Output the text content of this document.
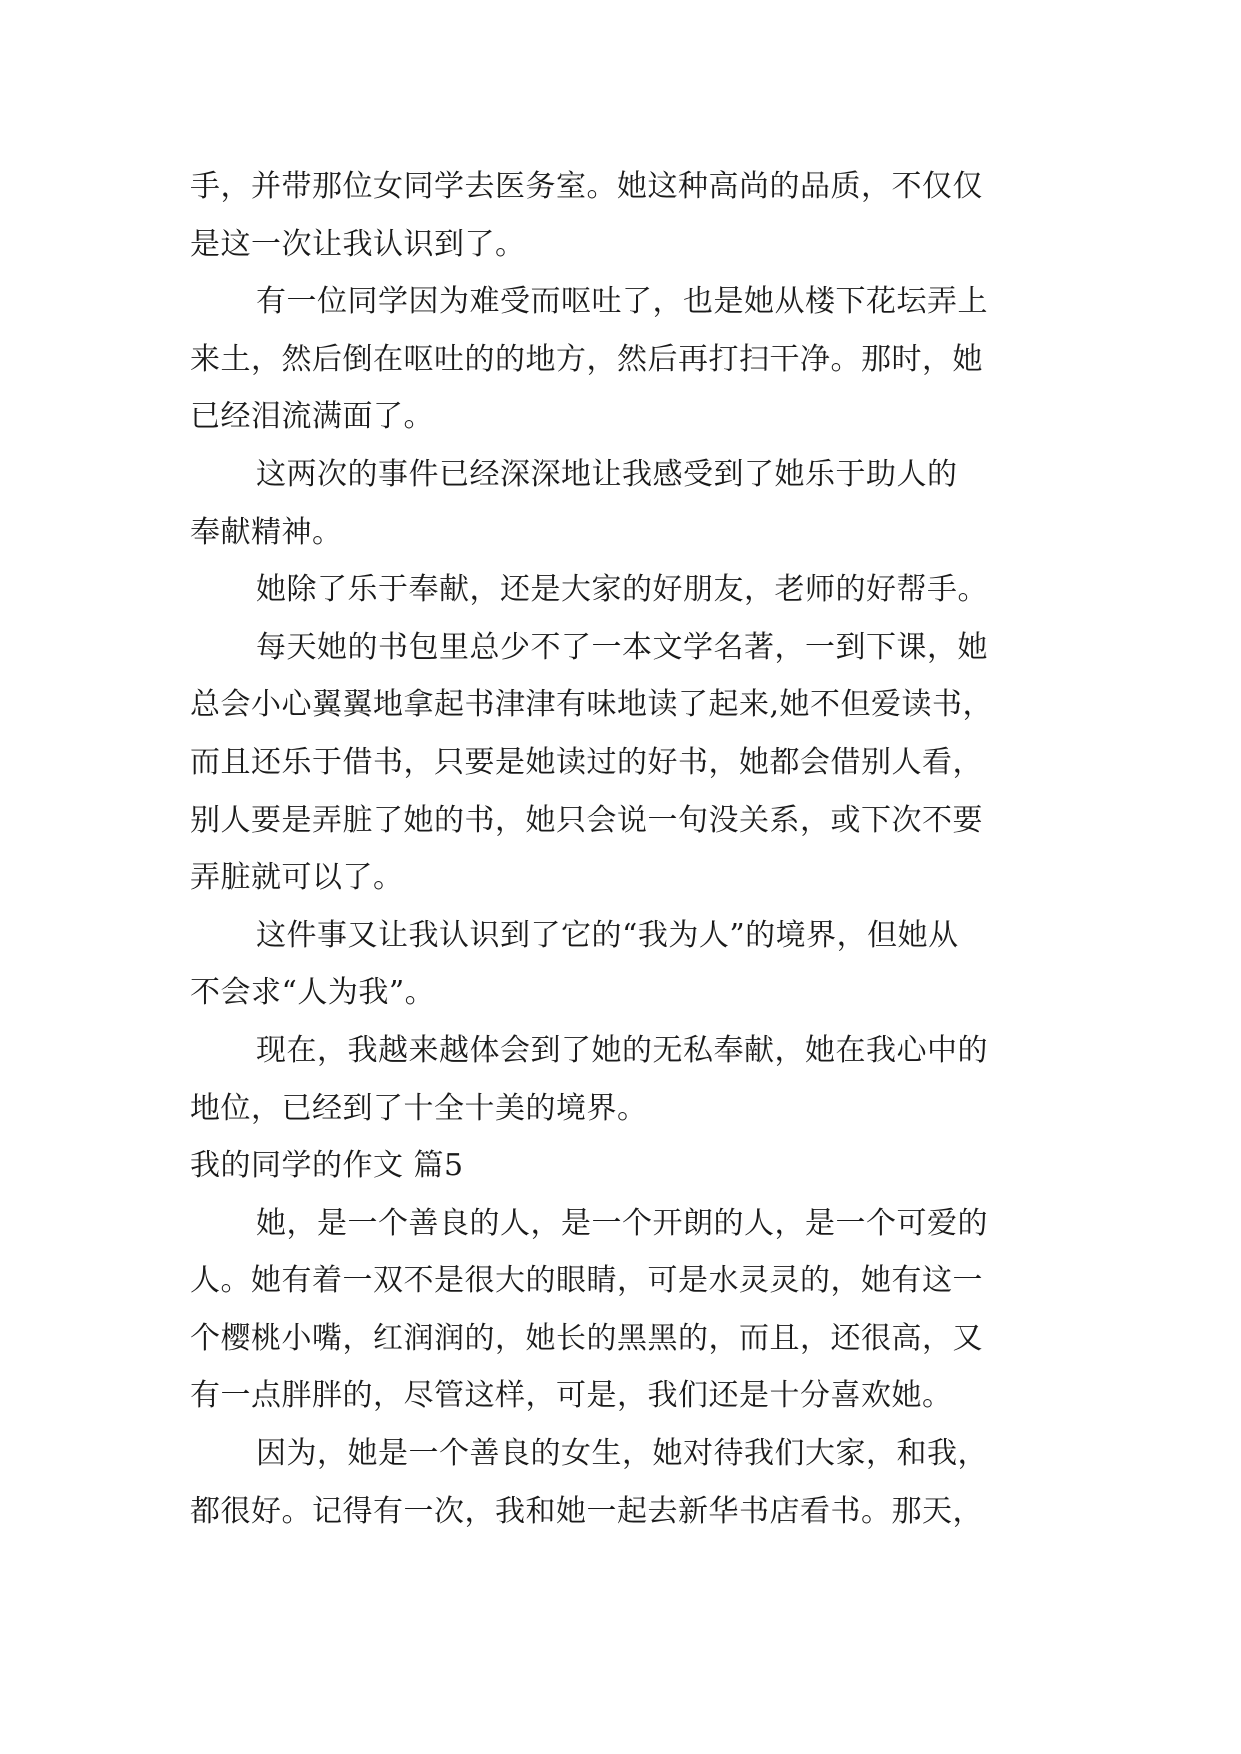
手，并带那位女同学去医务室。她这种高尚的品质，不仅仅
是这一次让我认识到了。
有一位同学因为难受而呕吐了，也是她从楼下花坛弄上
来土，然后倒在呕吐的的地方，然后再打扫干净。那时，她
已经泪流满面了。
这两次的事件已经深深地让我感受到了她乐于助人的
奉献精神。
她除了乐于奉献，还是大家的好朋友，老师的好帮手。
每天她的书包里总少不了一本文学名著，一到下课，她
总会小心翼翼地拿起书津津有味地读了起来,她不但爱读书，
而且还乐于借书，只要是她读过的好书，她都会借别人看，
别人要是弄脏了她的书，她只会说一句没关系，或下次不要
弄脏就可以了。
这件事又让我认识到了它的“我为人”的境界，但她从
不会求“人为我”。
现在，我越来越体会到了她的无私奉献，她在我心中的
地位，已经到了十全十美的境界。
我的同学的作文 篇5
她，是一个善良的人，是一个开朗的人，是一个可爱的
人。她有着一双不是很大的眼睛，可是水灵灵的，她有这一
个樱桃小嘴，红润润的，她长的黑黑的，而且，还很高，又
有一点胖胖的，尽管这样，可是，我们还是十分喜欢她。
因为，她是一个善良的女生，她对待我们大家，和我，
都很好。记得有一次，我和她一起去新华书店看书。那天，
